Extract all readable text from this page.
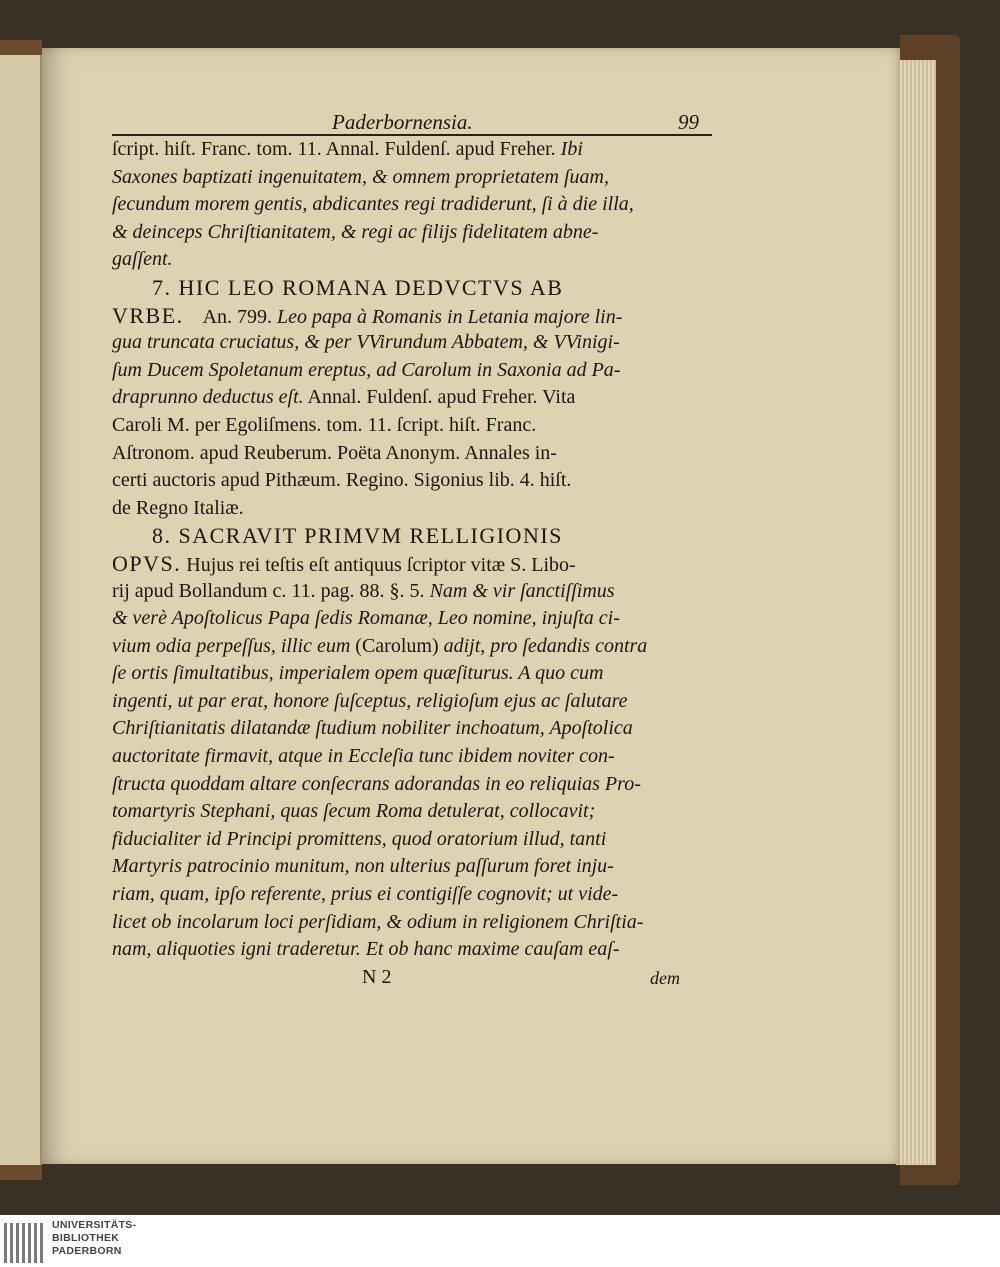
Paderbornensia.	99
ſcript. hiſt. Franc. tom. 11. Annal. Fuldenſ. apud Freher. Ibi
Saxones baptizati ingenuitatem, & omnem proprietatem ſuam,
ſecundum morem gentis, abdicantes regi tradiderunt, ſi à die illa,
& deinceps Chriſtianitatem, & regi ac filijs fidelitatem abne-
gaſſent.
7. HIC LEO ROMANA DEDVCTVS AB
VRBE.    An. 799. Leo papa à Romanis in Letania majore lin-
gua truncata cruciatus, & per VVirundum Abbatem, & VVinigi-
ſum Ducem Spoletanum ereptus, ad Carolum in Saxonia ad Pa-
draprunno deductus eſt. Annal. Fuldenſ. apud Freher. Vita
Caroli M. per Egoliſmens. tom. 11. ſcript. hiſt. Franc.
Aſtronom. apud Reuberum. Poëta Anonym. Annales in-
certi auctoris apud Pithæum. Regino. Sigonius lib. 4. hiſt.
de Regno Italiæ.
8. SACRAVIT PRIMVM RELLIGIONIS
OPVS. Hujus rei teſtis eſt antiquus ſcriptor vitæ S. Libo-
rij apud Bollandum c. 11. pag. 88. §. 5. Nam & vir ſanctiſſimus
& verè Apoſtolicus Papa ſedis Romanæ, Leo nomine, injuſta ci-
vium odia perpeſſus, illic eum (Carolum) adijt, pro ſedandis contra
ſe ortis ſimultatibus, imperialem opem quæſiturus. A quo cum
ingenti, ut par erat, honore ſuſceptus, religioſum ejus ac ſalutare
Chriſtianitatis dilatandæ ſtudium nobiliter inchoatum, Apoſtolica
auctoritate firmavit, atque in Eccleſia tunc ibidem noviter con-
ſtructa quoddam altare conſecrans adorandas in eo reliquias Pro-
tomartyris Stephani, quas ſecum Roma detulerat, collocavit;
fiducialiter id Principi promittens, quod oratorium illud, tanti
Martyris patrocinio munitum, non ulterius paſſurum foret inju-
riam, quam, ipſo referente, prius ei contigiſſe cognovit; ut vide-
licet ob incolarum loci perſidiam, & odium in religionem Chriſtia-
nam, aliquoties igni traderetur. Et ob hanc maxime cauſam eaſ-
N 2	dem
UNIVERSITÄTS-
BIBLIOTHEK
PADERBORN
